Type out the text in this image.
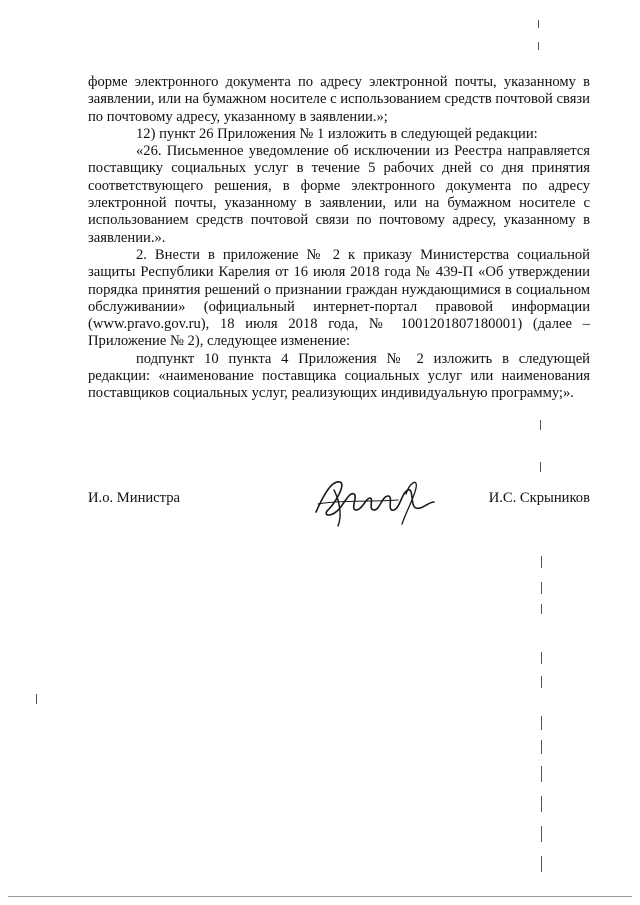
форме электронного документа по адресу электронной почты, указанному в заявлении, или на бумажном носителе с использованием средств почтовой связи по почтовому адресу, указанному в заявлении.»;

12) пункт 26 Приложения № 1 изложить в следующей редакции:

«26. Письменное уведомление об исключении из Реестра направляется поставщику социальных услуг в течение 5 рабочих дней со дня принятия соответствующего решения, в форме электронного документа по адресу электронной почты, указанному в заявлении, или на бумажном носителе с использованием средств почтовой связи по почтовому адресу, указанному в заявлении.».

2. Внести в приложение № 2 к приказу Министерства социальной защиты Республики Карелия от 16 июля 2018 года № 439-П «Об утверждении порядка принятия решений о признании граждан нуждающимися в социальном обслуживании» (официальный интернет-портал правовой информации (www.pravo.gov.ru), 18 июля 2018 года, № 1001201807180001) (далее – Приложение № 2), следующее изменение:

подпункт 10 пункта 4 Приложения № 2 изложить в следующей редакции: «наименование поставщика социальных услуг или наименования поставщиков социальных услуг, реализующих индивидуальную программу;».

И.о. Министра	И.С. Скрыников
